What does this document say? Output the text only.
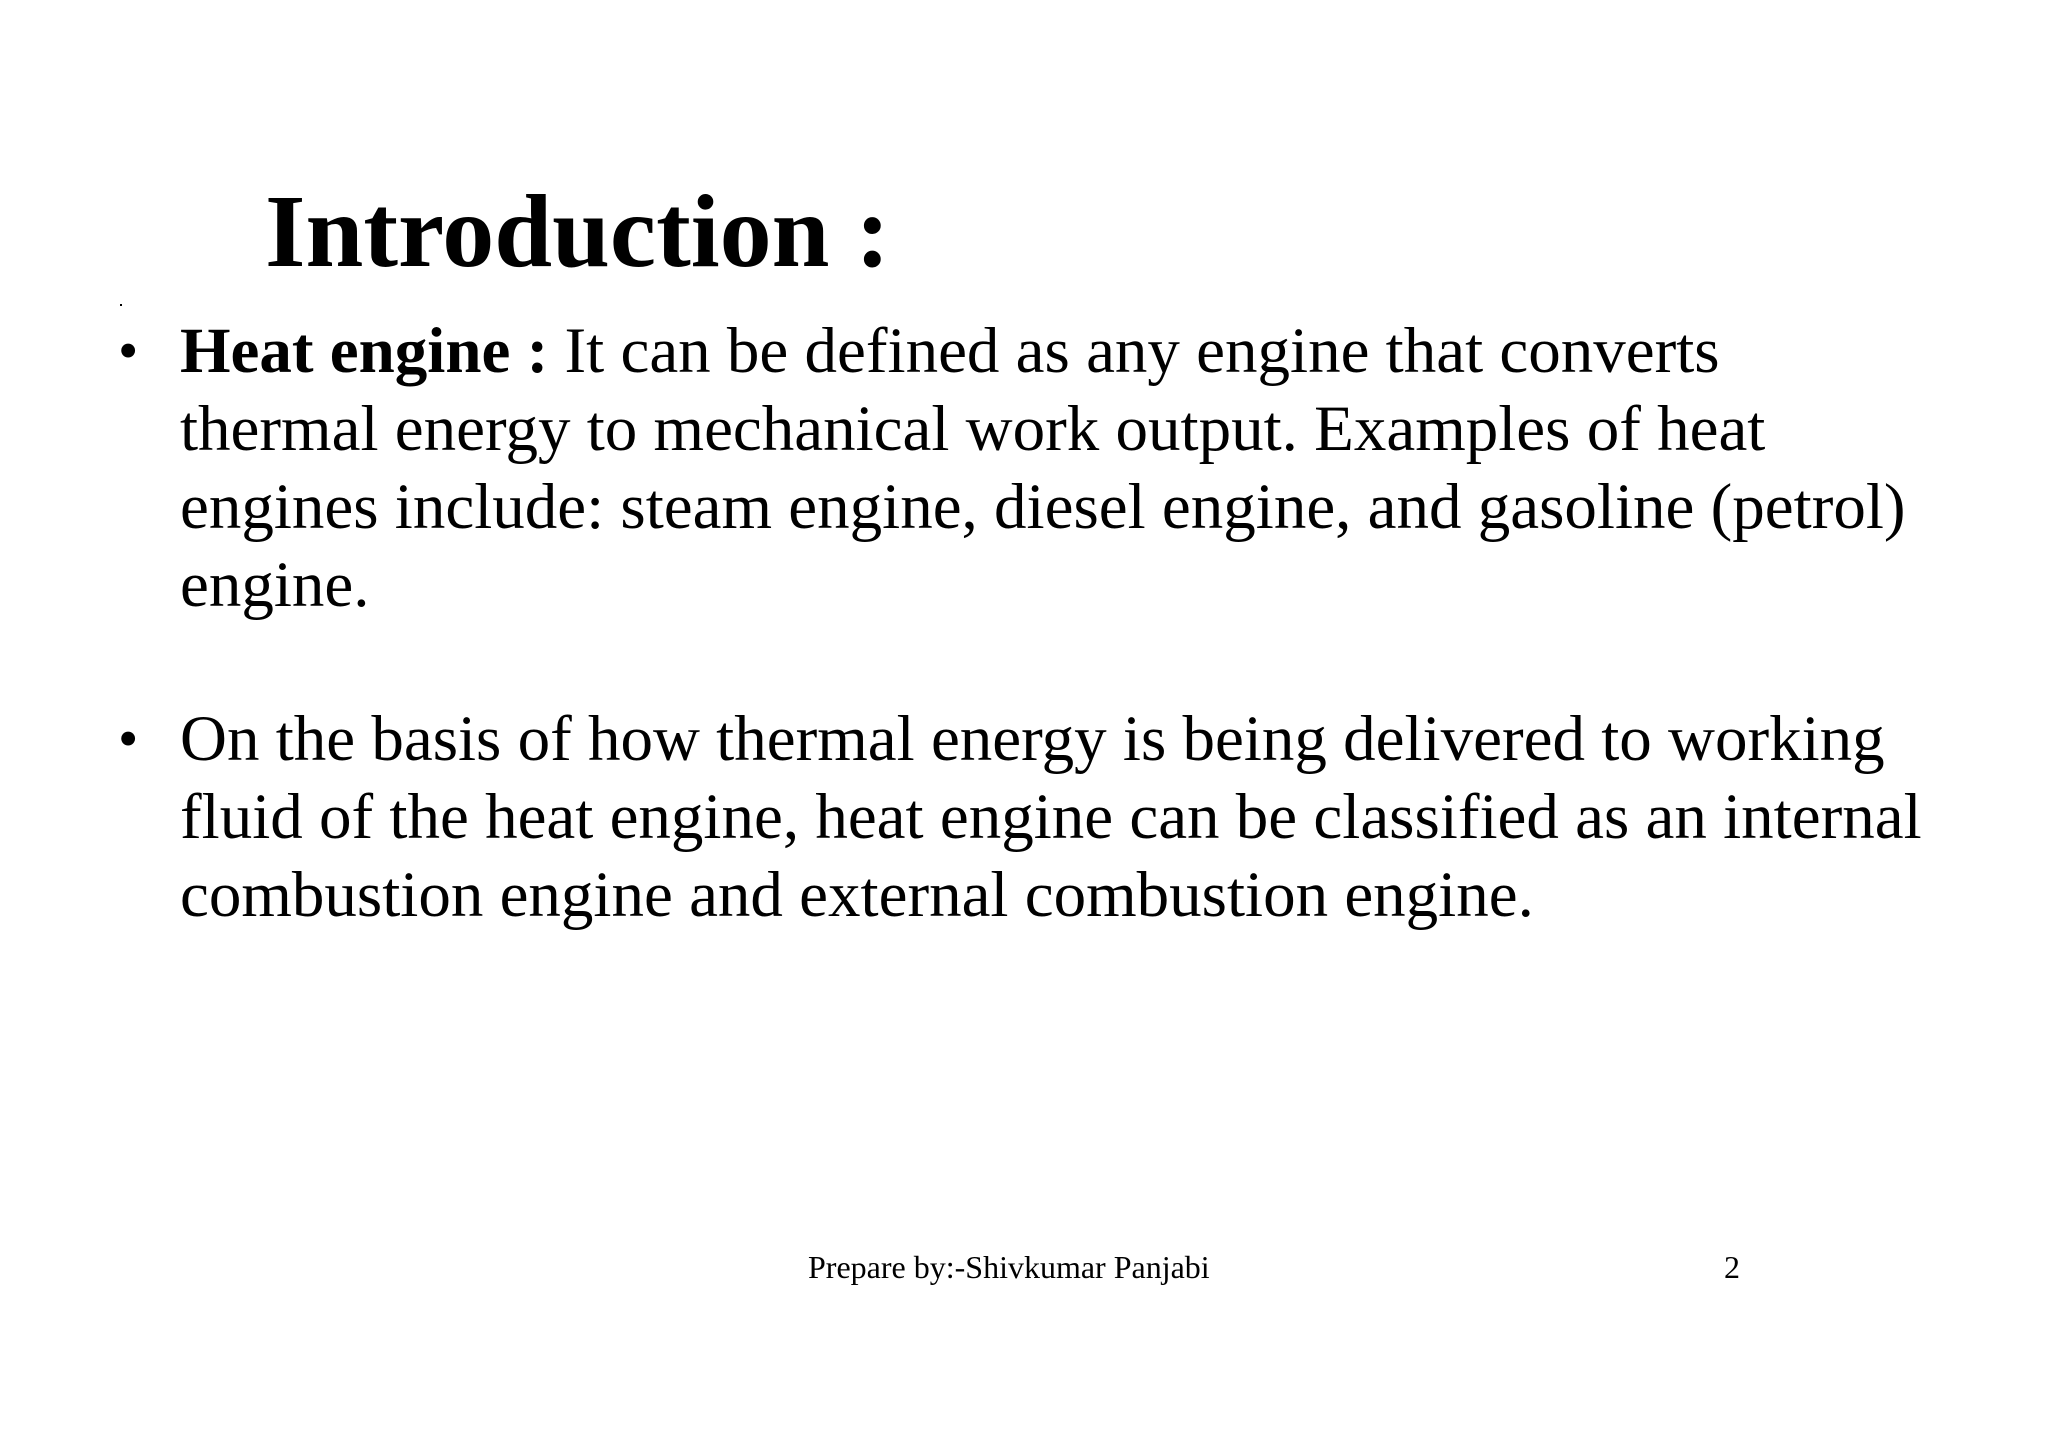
Introduction :
• Heat engine : It can be defined as any engine that converts
thermal energy to mechanical work output. Examples of heat
engines include: steam engine, diesel engine, and gasoline (petrol)
engine.
• On the basis of how thermal energy is being delivered to working
fluid of the heat engine, heat engine can be classified as an internal
combustion engine and external combustion engine.
Prepare by:-Shivkumar Panjabi	2
